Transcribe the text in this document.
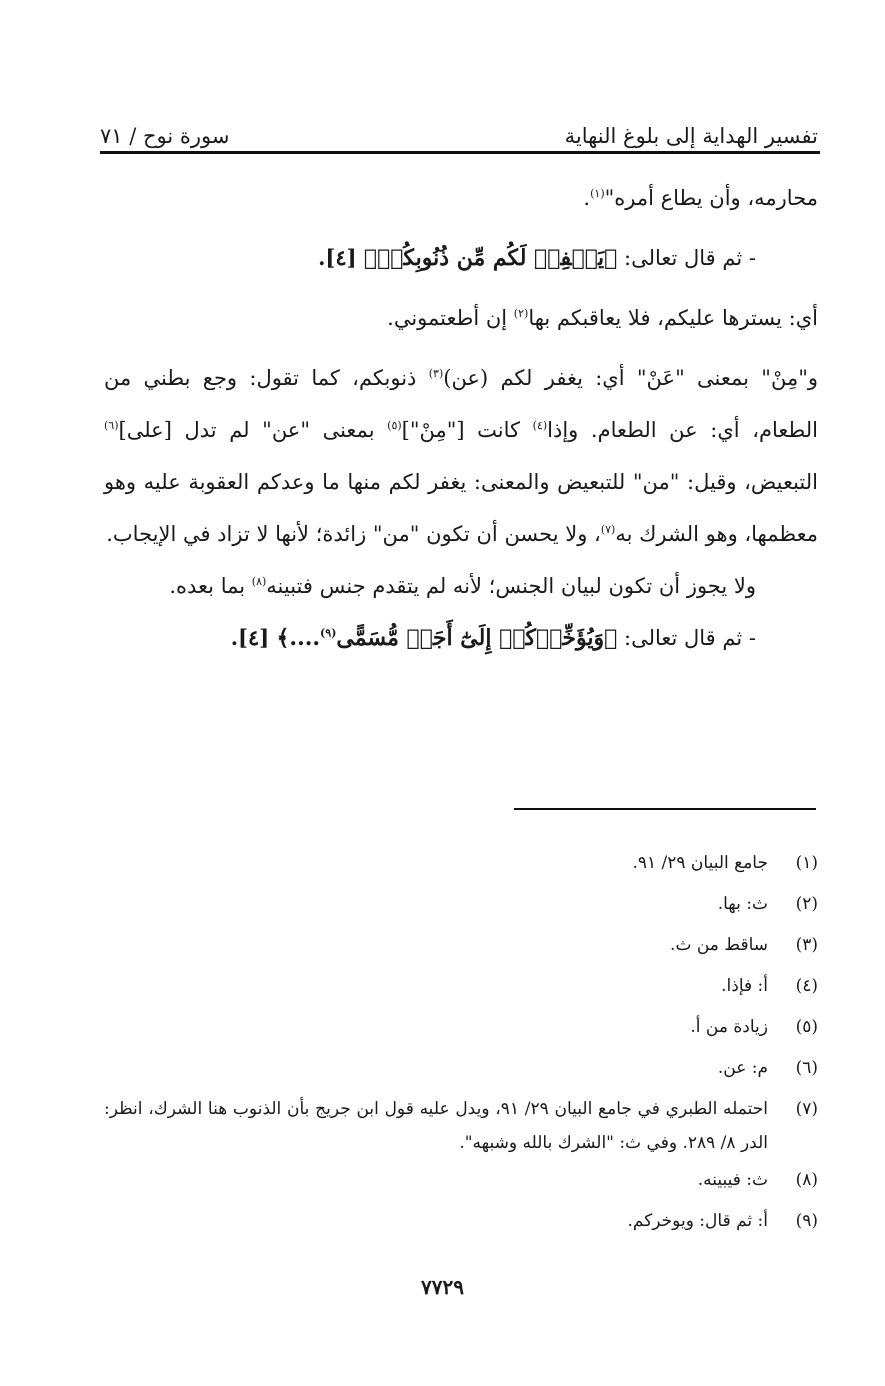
تفسير الهداية إلى بلوغ النهاية
سورة نوح / ٧١

محارمه، وأن يطاع أمره"$^{(١)}$.

- ثم قال تعالى: ﴿يَغۡفِرۡ لَكُم مِّن ذُنُوبِكُمۡ﴾ [٤].

أي: يسترها عليكم، فلا يعاقبكم بها$^{(٢)}$ إن أطعتموني.

و"مِنْ" بمعنى "عَنْ" أي: يغفر لكم (عن)$^{(٣)}$ ذنوبكم، كما تقول: وجع بطني من الطعام، أي: عن الطعام. وإذا$^{(٤)}$ كانت ["مِنْ"]$^{(٥)}$ بمعنى "عن" لم تدل [على]$^{(٦)}$ التبعيض، وقيل: "من" للتبعيض والمعنى: يغفر لكم منها ما وعدكم العقوبة عليه وهو معظمها، وهو الشرك به$^{(٧)}$، ولا يحسن أن تكون "من" زائدة؛ لأنها لا تزاد في الإيجاب.

ولا يجوز أن تكون لبيان الجنس؛ لأنه لم يتقدم جنس فتبينه$^{(٨)}$ بما بعده.

- ثم قال تعالى: ﴿وَيُؤَخِّرۡكُمۡ إِلَىٰٓ أَجَلٖ مُّسَمًّى$^{(٩)}$....﴾ [٤].

(١)
جامع البيان ٢٩/ ٩١.
(٢)
ث: بها.
(٣)
ساقط من ث.
(٤)
أ: فإذا.
(٥)
زيادة من أ.
(٦)
م: عن.
(٧)
احتمله الطبري في جامع البيان ٢٩/ ٩١، ويدل عليه قول ابن جريج بأن الذنوب هنا الشرك، انظر: الدر ٨/ ٢٨٩. وفي ث: "الشرك بالله وشبهه".
(٨)
ث: فيبينه.
(٩)
أ: ثم قال: ويوخركم.
٧٧٢٩
